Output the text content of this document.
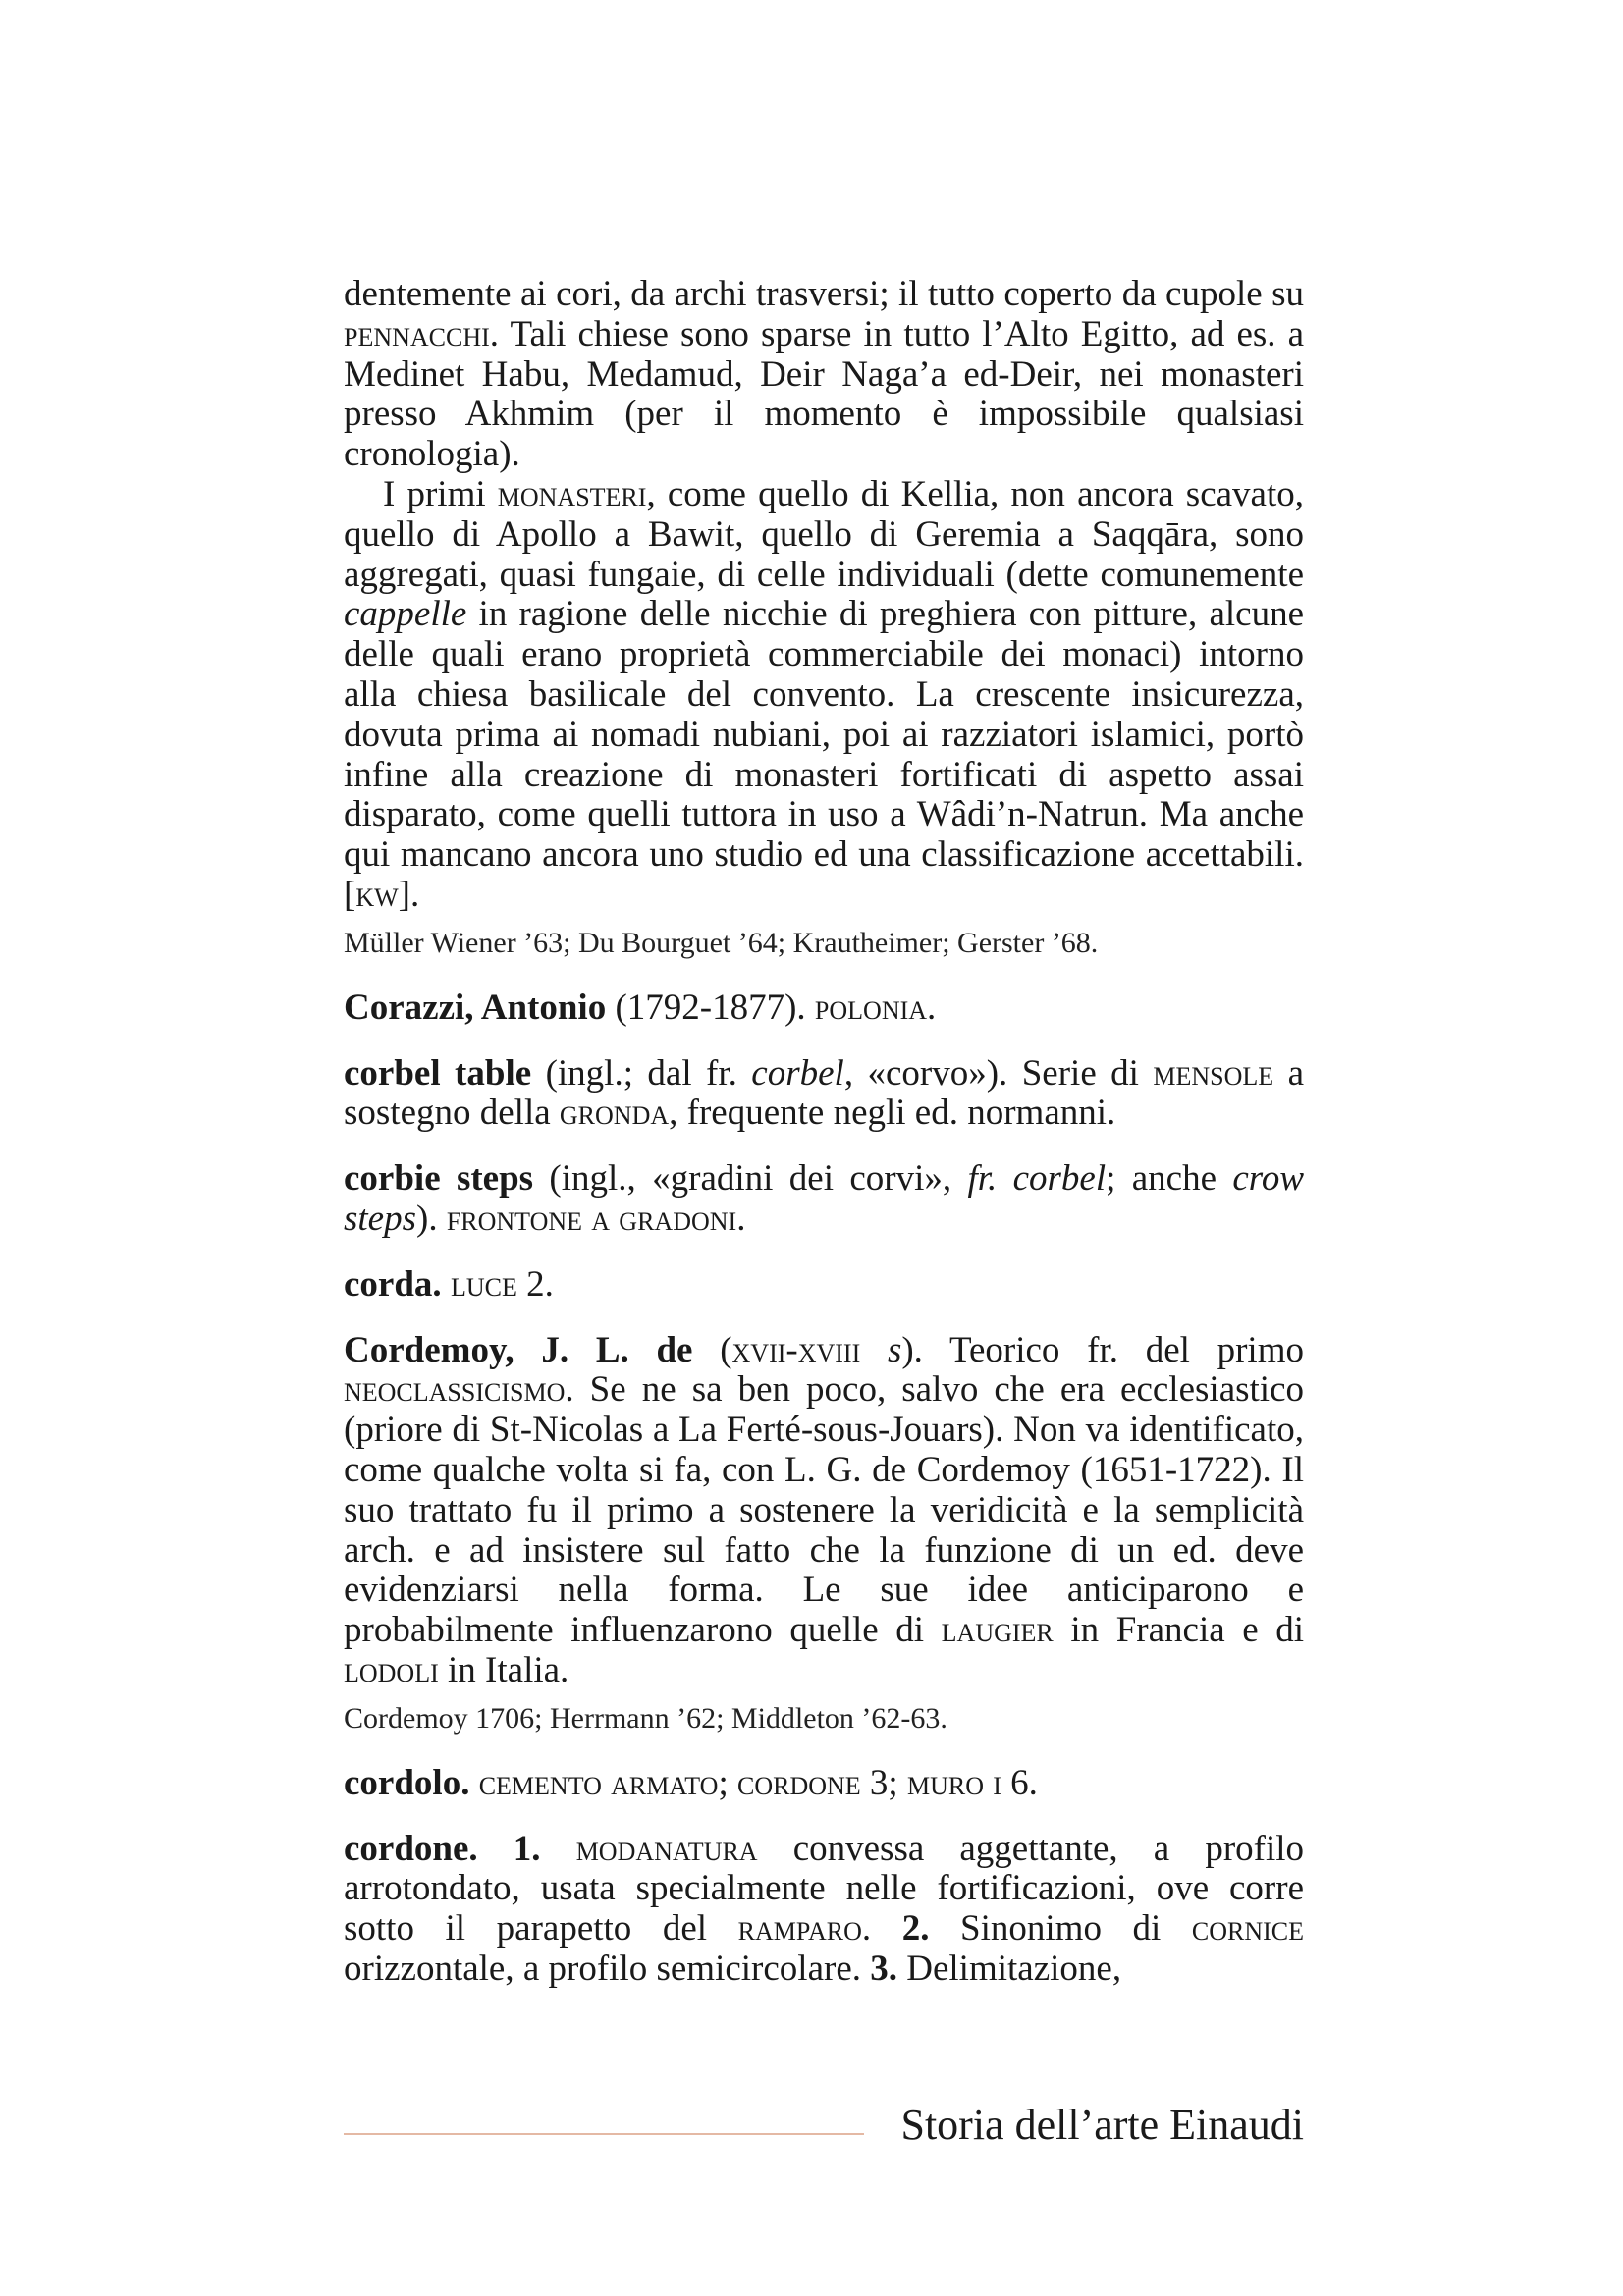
dentemente ai cori, da archi trasversi; il tutto coperto da cupole su pennacchi. Tali chiese sono sparse in tutto l’Alto Egitto, ad es. a Medinet Habu, Medamud, Deir Naga’a ed-Deir, nei monasteri presso Akhmim (per il momento è impossibile qualsiasi cronologia).

I primi monasteri, come quello di Kellia, non ancora scavato, quello di Apollo a Bawit, quello di Geremia a Saqqāra, sono aggregati, quasi fungaie, di celle individuali (dette comunemente cappelle in ragione delle nicchie di preghiera con pitture, alcune delle quali erano proprietà commerciabile dei monaci) intorno alla chiesa basilicale del convento. La crescente insicurezza, dovuta prima ai nomadi nubiani, poi ai razziatori islamici, portò infine alla creazione di monasteri fortificati di aspetto assai disparato, come quelli tuttora in uso a Wâdi’n-Natrun. Ma anche qui mancano ancora uno studio ed una classificazione accettabili. [kw].

Müller Wiener ’63; Du Bourguet ’64; Krautheimer; Gerster ’68.

Corazzi, Antonio (1792-1877). polonia.

corbel table (ingl.; dal fr. corbel, «corvo»). Serie di mensole a sostegno della gronda, frequente negli ed. normanni.

corbie steps (ingl., «gradini dei corvi», fr. corbel; anche crow steps). frontone a gradoni.

corda. luce 2.

Cordemoy, J. L. de (xvii-xviii s). Teorico fr. del primo neoclassicismo. Se ne sa ben poco, salvo che era ecclesiastico (priore di St-Nicolas a La Ferté-sous-Jouars). Non va identificato, come qualche volta si fa, con L. G. de Cordemoy (1651-1722). Il suo trattato fu il primo a sostenere la veridicità e la semplicità arch. e ad insistere sul fatto che la funzione di un ed. deve evidenziarsi nella forma. Le sue idee anticiparono e probabilmente influenzarono quelle di laugier in Francia e di lodoli in Italia.

Cordemoy 1706; Herrmann ’62; Middleton ’62-63.

cordolo. cemento armato; cordone 3; muro i 6.

cordone. 1. modanatura convessa aggettante, a profilo arrotondato, usata specialmente nelle fortificazioni, ove corre sotto il parapetto del ramparo. 2. Sinonimo di cornice orizzontale, a profilo semicircolare. 3. Delimitazione,

Storia dell’arte Einaudi
